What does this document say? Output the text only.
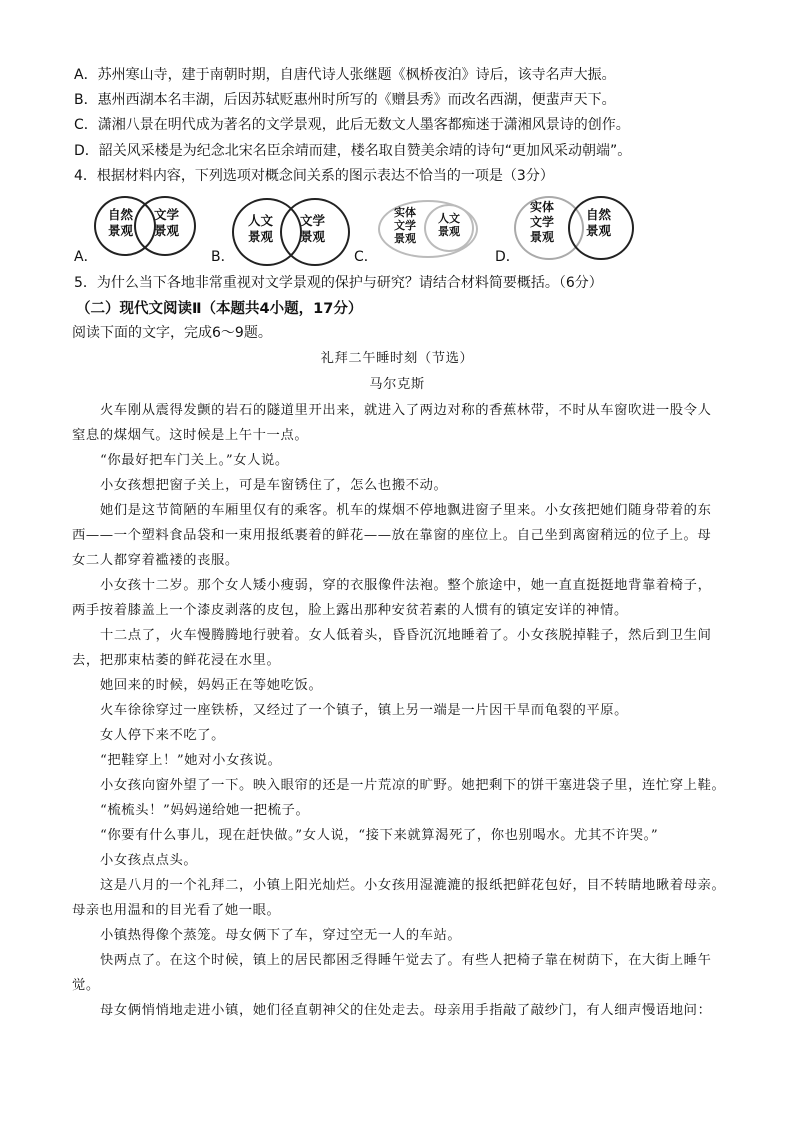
A．苏州寒山寺，建于南朝时期，自唐代诗人张继题《枫桥夜泊》诗后，该寺名声大振。
B．惠州西湖本名丰湖，后因苏轼贬惠州时所写的《赠县秀》而改名西湖，便蜚声天下。
C．潇湘八景在明代成为著名的文学景观，此后无数文人墨客都痴迷于潇湘风景诗的创作。
D．韶关风采楼是为纪念北宋名臣余靖而建，楼名取自赞美余靖的诗句“更加风采动朝端”。
4．根据材料内容，下列选项对概念间关系的图示表达不恰当的一项是（3分）
A．
自然
景观
文学
景观
B．
人文
景观
文学
景观
C．
实体
文学
景观
人文
景观
D．
实体
文学
景观
自然
景观
5．为什么当下各地非常重视对文学景观的保护与研究？请结合材料简要概括。（6分）
（二）现代文阅读Ⅱ（本题共4小题，17分）
阅读下面的文字，完成6～9题。
礼拜二午睡时刻（节选）
马尔克斯
火车刚从震得发颤的岩石的隧道里开出来，就进入了两边对称的香蕉林带，不时从车窗吹进一股令人
窒息的煤烟气。这时候是上午十一点。
“你最好把车门关上。”女人说。
小女孩想把窗子关上，可是车窗锈住了，怎么也搬不动。
她们是这节简陋的车厢里仅有的乘客。机车的煤烟不停地飘进窗子里来。小女孩把她们随身带着的东
西——一个塑料食品袋和一束用报纸裹着的鲜花——放在靠窗的座位上。自己坐到离窗稍远的位子上。母
女二人都穿着褴褛的丧服。
小女孩十二岁。那个女人矮小瘦弱，穿的衣服像件法袍。整个旅途中，她一直直挺挺地背靠着椅子，
两手按着膝盖上一个漆皮剥落的皮包，脸上露出那种安贫若素的人惯有的镇定安详的神情。
十二点了，火车慢腾腾地行驶着。女人低着头，昏昏沉沉地睡着了。小女孩脱掉鞋子，然后到卫生间
去，把那束枯萎的鲜花浸在水里。
她回来的时候，妈妈正在等她吃饭。
火车徐徐穿过一座铁桥，又经过了一个镇子，镇上另一端是一片因干旱而龟裂的平原。
女人停下来不吃了。
“把鞋穿上！”她对小女孩说。
小女孩向窗外望了一下。映入眼帘的还是一片荒凉的旷野。她把剩下的饼干塞进袋子里，连忙穿上鞋。
“梳梳头！”妈妈递给她一把梳子。
“你要有什么事儿，现在赶快做。”女人说，“接下来就算渴死了，你也别喝水。尤其不许哭。”
小女孩点点头。
这是八月的一个礼拜二，小镇上阳光灿烂。小女孩用湿漉漉的报纸把鲜花包好，目不转睛地瞅着母亲。
母亲也用温和的目光看了她一眼。
小镇热得像个蒸笼。母女俩下了车，穿过空无一人的车站。
快两点了。在这个时候，镇上的居民都困乏得睡午觉去了。有些人把椅子靠在树荫下，在大街上睡午
觉。
母女俩悄悄地走进小镇，她们径直朝神父的住处走去。母亲用手指敲了敲纱门，有人细声慢语地问：
